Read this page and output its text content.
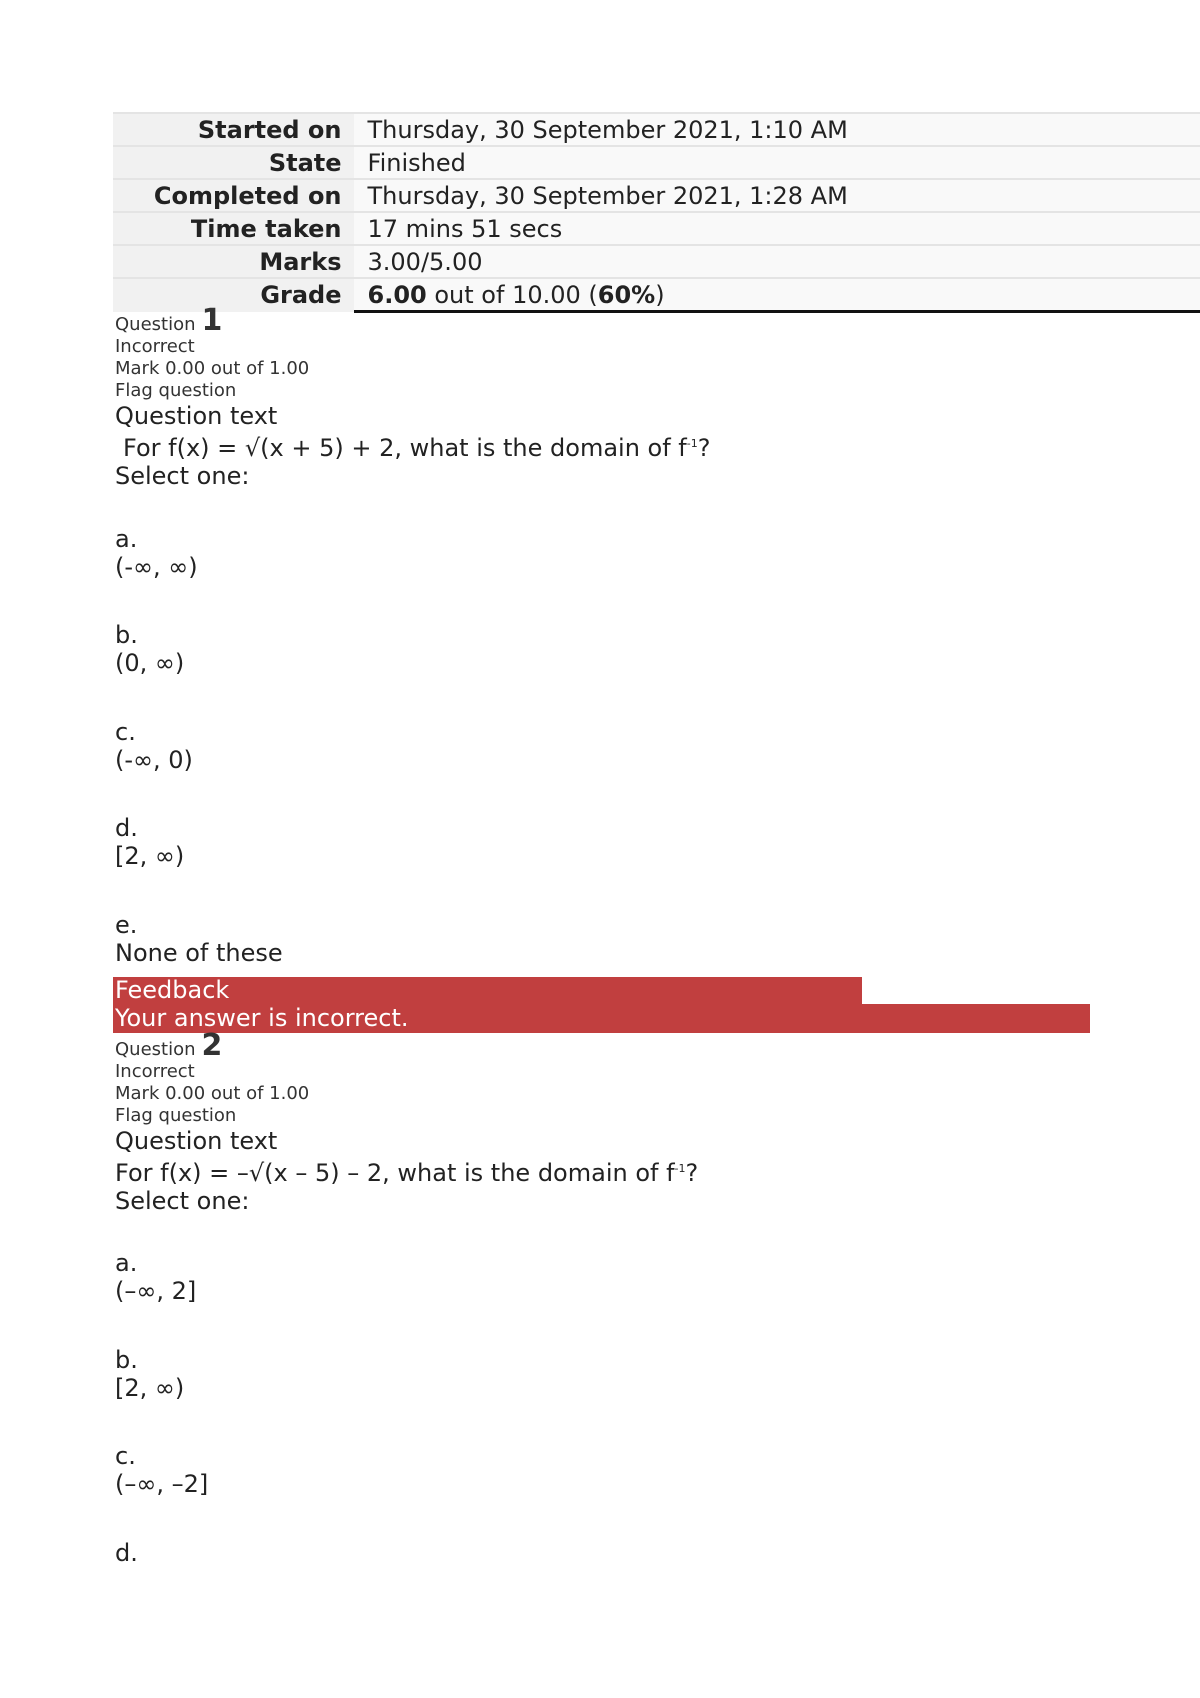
Started on	Thursday, 30 September 2021, 1:10 AM
State	Finished
Completed on	Thursday, 30 September 2021, 1:28 AM
Time taken	17 mins 51 secs
Marks	3.00/5.00
Grade	6.00 out of 10.00 (60%)
Question 1
Incorrect
Mark 0.00 out of 1.00
Flag question
Question text
For f(x) = √(x + 5) + 2, what is the domain of $f^{-1}$?
Select one:
a.
(-∞, ∞)
b.
(0, ∞)
c.
(-∞, 0)
d.
[2, ∞)
e.
None of these
Feedback
Your answer is incorrect.
Question 2
Incorrect
Mark 0.00 out of 1.00
Flag question
Question text
For f(x) = –√(x – 5) – 2, what is the domain of $f^{-1}$?
Select one:
a.
(–∞, 2]
b.
[2, ∞)
c.
(–∞, –2]
d.
